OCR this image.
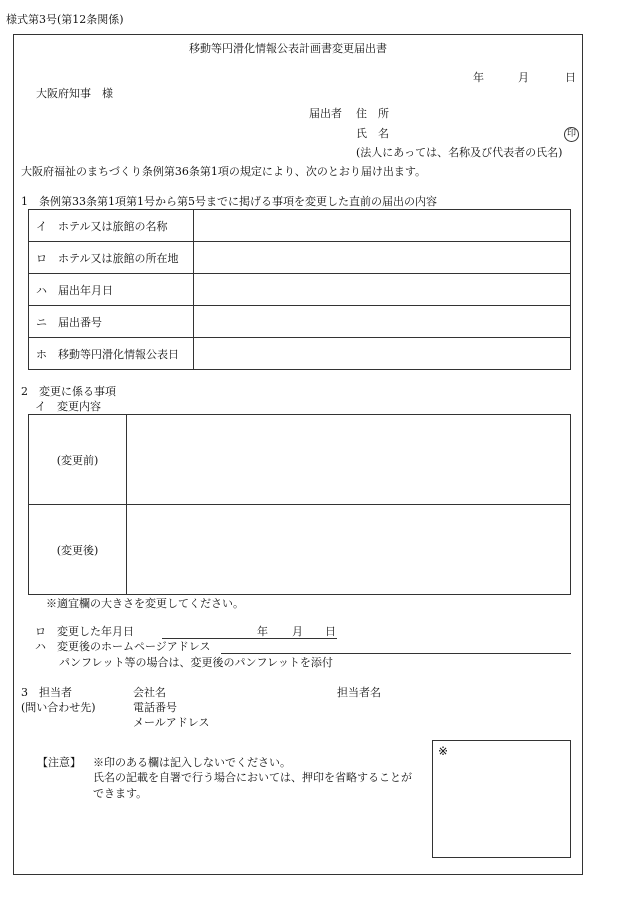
様式第3号(第12条関係)
移動等円滑化情報公表計画書変更届出書
年	月	日
大阪府知事　様
届出者 住　所
氏　名	印
(法人にあっては、名称及び代表者の氏名)
大阪府福祉のまちづくり条例第36条第1項の規定により、次のとおり届け出ます。
1　条例第33条第1項第1号から第5号までに掲げる事項を変更した直前の届出の内容
イ　ホテル又は旅館の名称	
ロ　ホテル又は旅館の所在地	
ハ　届出年月日	
ニ　届出番号	
ホ　移動等円滑化情報公表日	
2　変更に係る事項
イ　変更内容
(変更前)	
(変更後)	
※適宜欄の大きさを変更してください。
ロ　変更した年月日	年 月 日
ハ　変更後のホームページアドレス
パンフレット等の場合は、変更後のパンフレットを添付
3　担当者
(問い合わせ先)
会社名
電話番号
メールアドレス
担当者名
【注意】 ※印のある欄は記入しないでください。
氏名の記載を自署で行う場合においては、押印を省略することが
できます。
※
